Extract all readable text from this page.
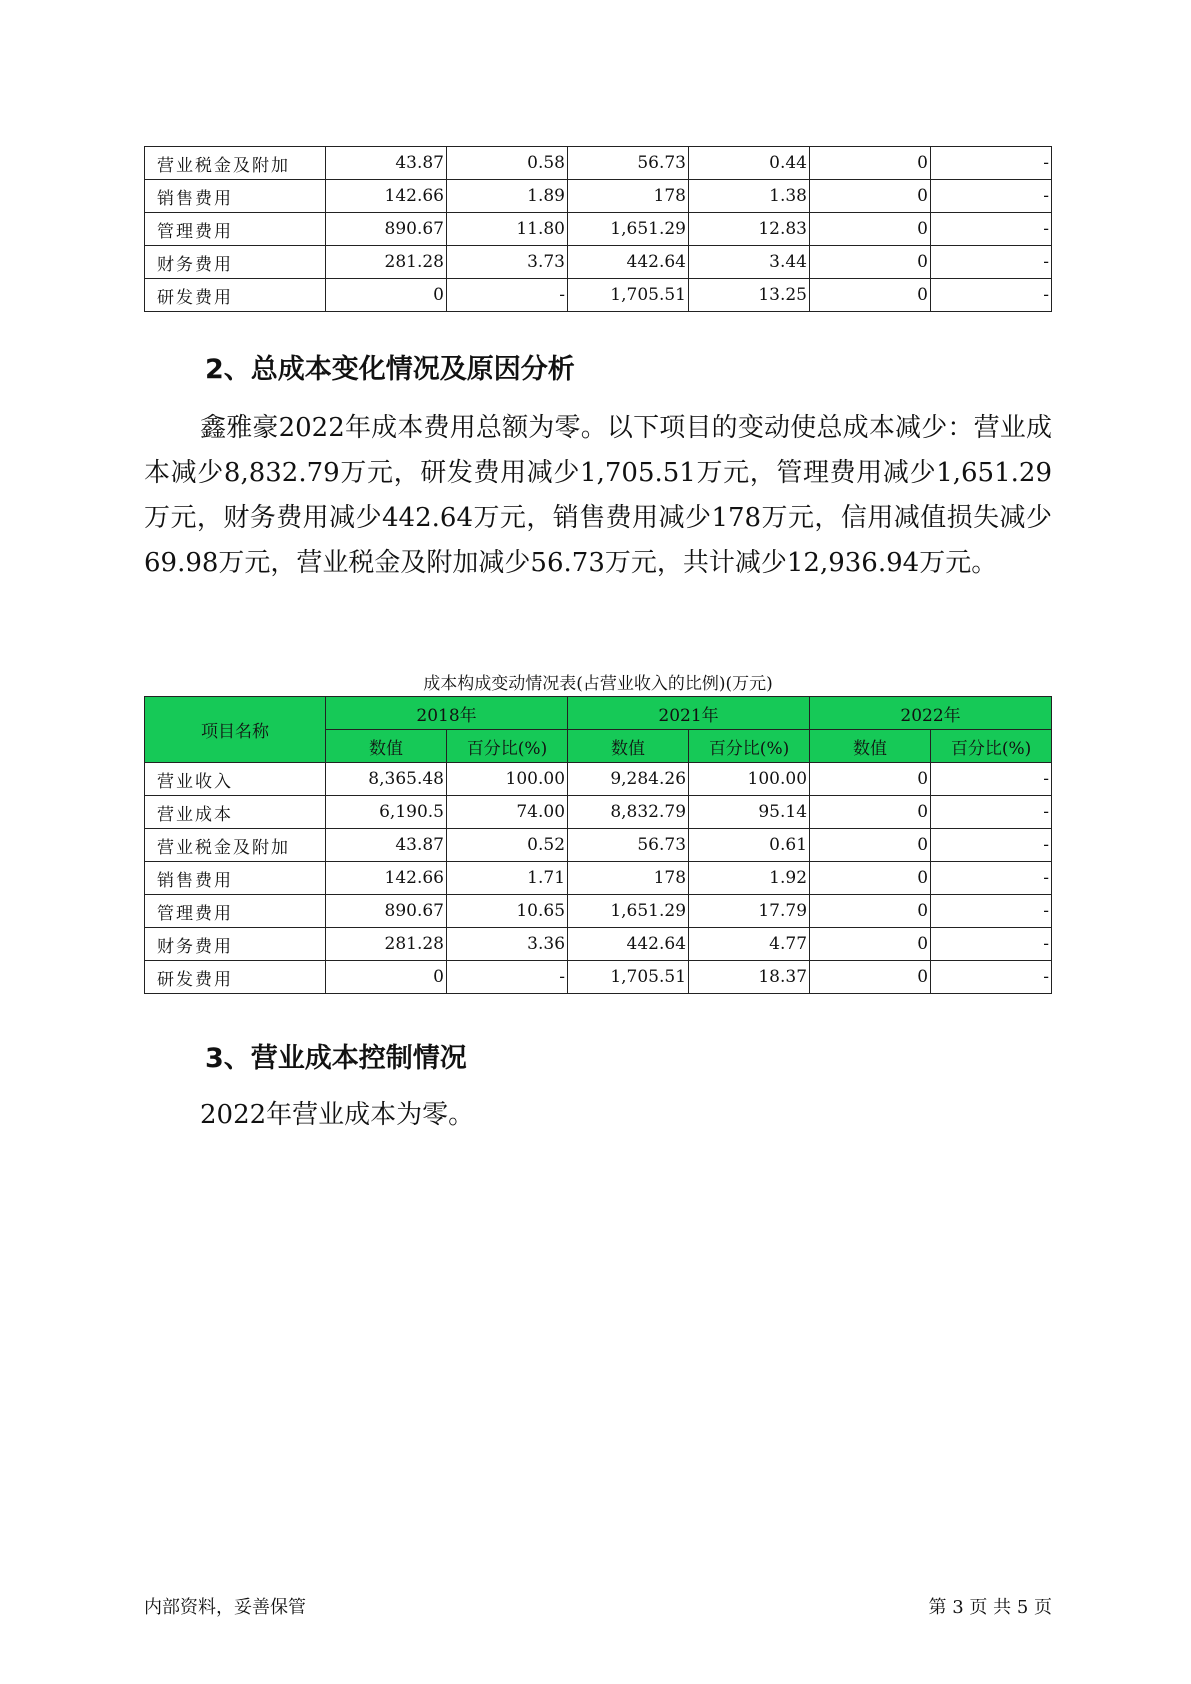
营业税金及附加	43.87	0.58	56.73	0.44	0	-
销售费用	142.66	1.89	178	1.38	0	-
管理费用	890.67	11.80	1,651.29	12.83	0	-
财务费用	281.28	3.73	442.64	3.44	0	-
研发费用	0	-	1,705.51	13.25	0	-
2、总成本变化情况及原因分析

鑫雅豪2022年成本费用总额为零。以下项目的变动使总成本减少：营业成本减少8,832.79万元，研发费用减少1,705.51万元，管理费用减少1,651.29万元，财务费用减少442.64万元，销售费用减少178万元，信用减值损失减少69.98万元，营业税金及附加减少56.73万元，共计减少12,936.94万元。

成本构成变动情况表(占营业收入的比例)(万元)
项目名称	2018年		2021年		2022年	
	数值	百分比(%)	数值	百分比(%)	数值	百分比(%)
营业收入	8,365.48	100.00	9,284.26	100.00	0	-
营业成本	6,190.5	74.00	8,832.79	95.14	0	-
营业税金及附加	43.87	0.52	56.73	0.61	0	-
销售费用	142.66	1.71	178	1.92	0	-
管理费用	890.67	10.65	1,651.29	17.79	0	-
财务费用	281.28	3.36	442.64	4.77	0	-
研发费用	0	-	1,705.51	18.37	0	-
3、营业成本控制情况

2022年营业成本为零。

内部资料，妥善保管	第 3 页 共 5 页
